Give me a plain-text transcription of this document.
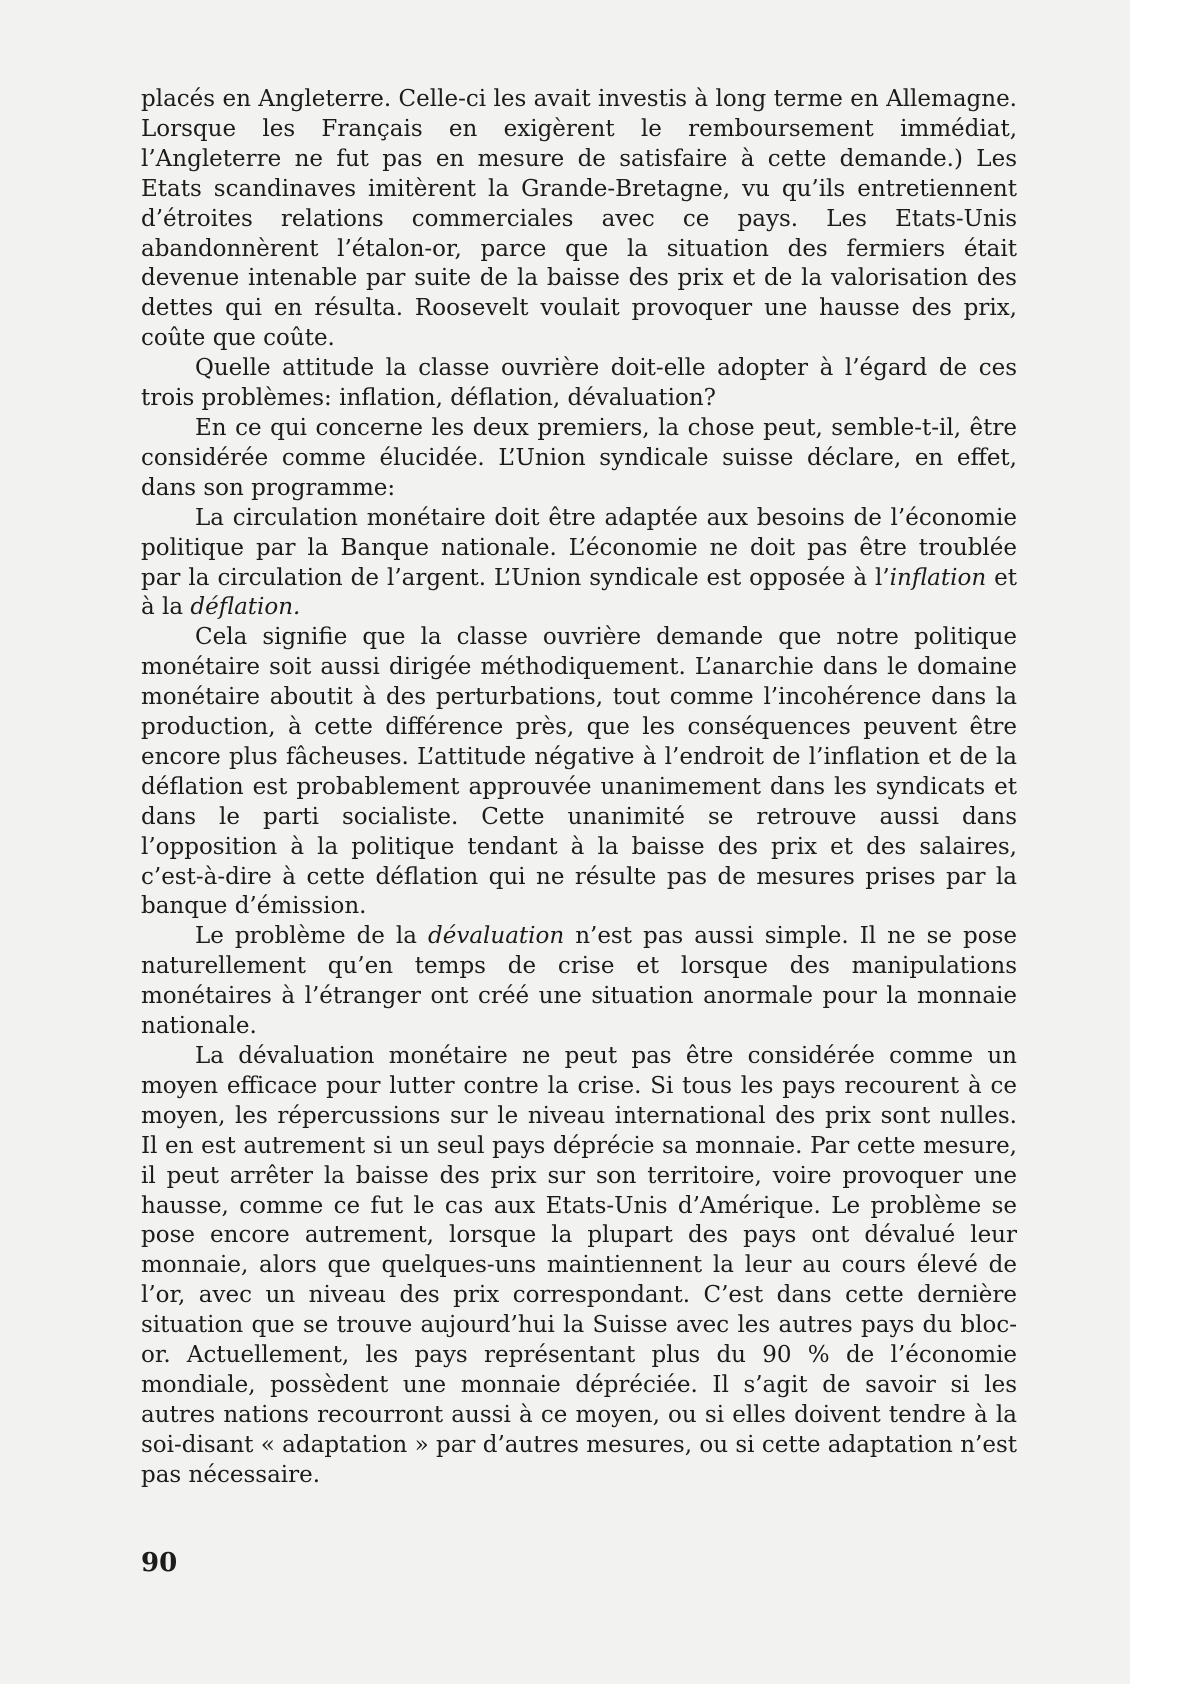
placés en Angleterre. Celle-ci les avait investis à long terme en Allemagne. Lorsque les Français en exigèrent le remboursement immédiat, l’Angleterre ne fut pas en mesure de satisfaire à cette demande.) Les Etats scandinaves imitèrent la Grande-Bretagne, vu qu’ils entretiennent d’étroites relations commerciales avec ce pays. Les Etats-Unis abandonnèrent l’étalon-or, parce que la situation des fermiers était devenue intenable par suite de la baisse des prix et de la valorisation des dettes qui en résulta. Roosevelt voulait provoquer une hausse des prix, coûte que coûte.

Quelle attitude la classe ouvrière doit-elle adopter à l’égard de ces trois problèmes: inflation, déflation, dévaluation?

En ce qui concerne les deux premiers, la chose peut, semble-t-il, être considérée comme élucidée. L’Union syndicale suisse déclare, en effet, dans son programme:

La circulation monétaire doit être adaptée aux besoins de l’économie politique par la Banque nationale. L’économie ne doit pas être troublée par la circulation de l’argent. L’Union syndicale est opposée à l’inflation et à la déflation.

Cela signifie que la classe ouvrière demande que notre politique monétaire soit aussi dirigée méthodiquement. L’anarchie dans le domaine monétaire aboutit à des perturbations, tout comme l’incohérence dans la production, à cette différence près, que les conséquences peuvent être encore plus fâcheuses. L’attitude négative à l’endroit de l’inflation et de la déflation est probablement approuvée unanimement dans les syndicats et dans le parti socialiste. Cette unanimité se retrouve aussi dans l’opposition à la politique tendant à la baisse des prix et des salaires, c’est-à-dire à cette déflation qui ne résulte pas de mesures prises par la banque d’émission.

Le problème de la dévaluation n’est pas aussi simple. Il ne se pose naturellement qu’en temps de crise et lorsque des manipulations monétaires à l’étranger ont créé une situation anormale pour la monnaie nationale.

La dévaluation monétaire ne peut pas être considérée comme un moyen efficace pour lutter contre la crise. Si tous les pays recourent à ce moyen, les répercussions sur le niveau international des prix sont nulles. Il en est autrement si un seul pays déprécie sa monnaie. Par cette mesure, il peut arrêter la baisse des prix sur son territoire, voire provoquer une hausse, comme ce fut le cas aux Etats-Unis d’Amérique. Le problème se pose encore autrement, lorsque la plupart des pays ont dévalué leur monnaie, alors que quelques-uns maintiennent la leur au cours élevé de l’or, avec un niveau des prix correspondant. C’est dans cette dernière situation que se trouve aujourd’hui la Suisse avec les autres pays du bloc-or. Actuellement, les pays représentant plus du 90 % de l’économie mondiale, possèdent une monnaie dépréciée. Il s’agit de savoir si les autres nations recourront aussi à ce moyen, ou si elles doivent tendre à la soi-disant « adaptation » par d’autres mesures, ou si cette adaptation n’est pas nécessaire.

90
